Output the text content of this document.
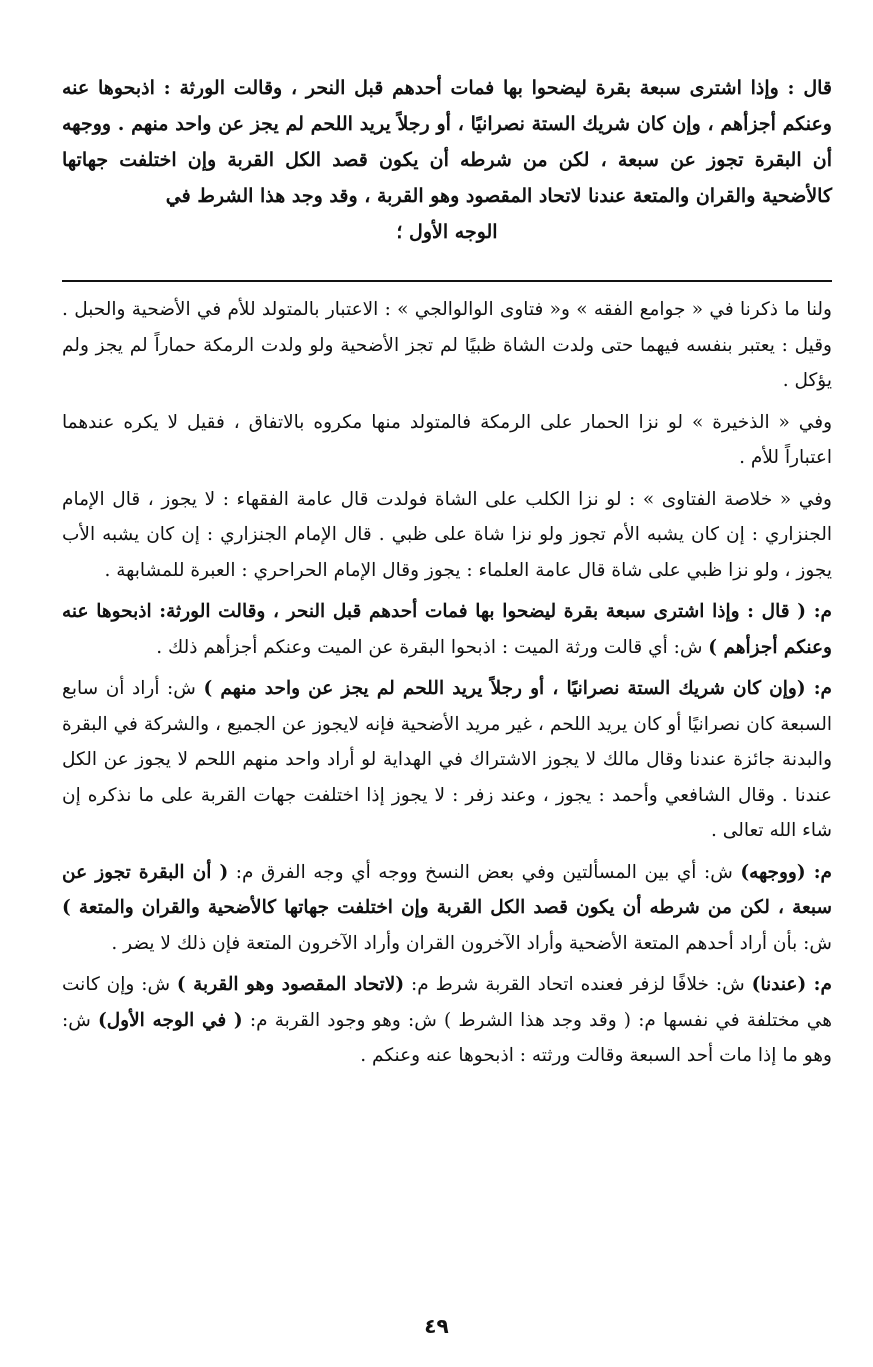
قال : وإذا اشترى سبعة بقرة ليضحوا بها فمات أحدهم قبل النحر ، وقالت الورثة : اذبحوها عنه وعنكم أجزأهم ، وإن كان شريك الستة نصرانيًا ، أو رجلاً يريد اللحم لم يجز عن واحد منهم . ووجهه أن البقرة تجوز عن سبعة ، لكن من شرطه أن يكون قصد الكل القربة وإن اختلفت جهاتها كالأضحية والقران والمتعة عندنا لاتحاد المقصود وهو القربة ، وقد وجد هذا الشرط في
الوجه الأول ؛

ولنا ما ذكرنا في « جوامع الفقه » و« فتاوى الوالوالجي » : الاعتبار بالمتولد للأم في الأضحية والحبل . وقيل : يعتبر بنفسه فيهما حتى ولدت الشاة ظبيًا لم تجز الأضحية ولو ولدت الرمكة حماراً لم يجز ولم يؤكل .

وفي « الذخيرة » لو نزا الحمار على الرمكة فالمتولد منها مكروه بالاتفاق ، فقيل لا يكره عندهما اعتباراً للأم .

وفي « خلاصة الفتاوى » : لو نزا الكلب على الشاة فولدت قال عامة الفقهاء : لا يجوز ، قال الإمام الجنزاري : إن كان يشبه الأم تجوز ولو نزا شاة على ظبي . قال الإمام الجنزاري : إن كان يشبه الأب يجوز ، ولو نزا ظبي على شاة قال عامة العلماء : يجوز وقال الإمام الحراحري : العبرة للمشابهة .

م: ( قال : وإذا اشترى سبعة بقرة ليضحوا بها فمات أحدهم قبل النحر ، وقالت الورثة: اذبحوها عنه وعنكم أجزأهم ) ش: أي قالت ورثة الميت : اذبحوا البقرة عن الميت وعنكم أجزأهم ذلك .

م: (وإن كان شريك الستة نصرانيًا ، أو رجلاً يريد اللحم لم يجز عن واحد منهم ) ش: أراد أن سابع السبعة كان نصرانيًا أو كان يريد اللحم ، غير مريد الأضحية فإنه لايجوز عن الجميع ، والشركة في البقرة والبدنة جائزة عندنا وقال مالك لا يجوز الاشتراك في الهداية لو أراد واحد منهم اللحم لا يجوز عن الكل عندنا . وقال الشافعي وأحمد : يجوز ، وعند زفر : لا يجوز إذا اختلفت جهات القربة على ما نذكره إن شاء الله تعالى .

م: (ووجهه) ش: أي بين المسألتين وفي بعض النسخ ووجه أي وجه الفرق م: ( أن البقرة تجوز عن سبعة ، لكن من شرطه أن يكون قصد الكل القربة وإن اختلفت جهاتها كالأضحية والقران والمتعة ) ش: بأن أراد أحدهم المتعة الأضحية وأراد الآخرون القران وأراد الآخرون المتعة فإن ذلك لا يضر .

م: (عندنا) ش: خلافًا لزفر فعنده اتحاد القربة شرط م: (لاتحاد المقصود وهو القربة ) ش: وإن كانت هي مختلفة في نفسها م: ( وقد وجد هذا الشرط ) ش: وهو وجود القربة م: ( في الوجه الأول) ش: وهو ما إذا مات أحد السبعة وقالت ورثته : اذبحوها عنه وعنكم .

٤٩
